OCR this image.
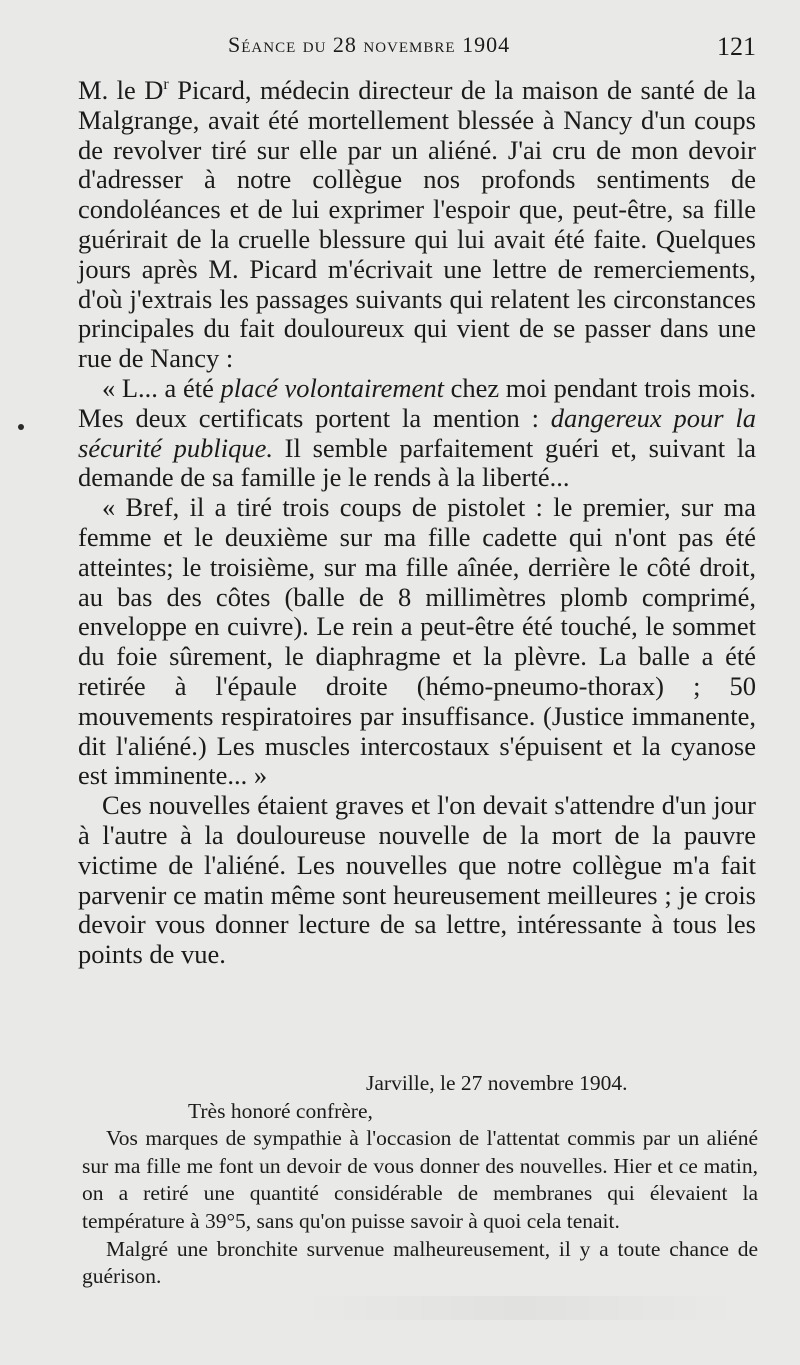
Séance du 28 novembre 1904	121

M. le $D^r$ Picard, médecin directeur de la maison de santé de la Malgrange, avait été mortellement blessée à Nancy d'un coups de revolver tiré sur elle par un aliéné. J'ai cru de mon devoir d'adresser à notre collègue nos profonds sentiments de condoléances et de lui exprimer l'espoir que, peut-être, sa fille guérirait de la cruelle blessure qui lui avait été faite. Quelques jours après M. Picard m'écrivait une lettre de remerciements, d'où j'extrais les passages suivants qui relatent les circonstances principales du fait douloureux qui vient de se passer dans une rue de Nancy :

« L... a été placé volontairement chez moi pendant trois mois. Mes deux certificats portent la mention : dangereux pour la sécurité publique. Il semble parfaitement guéri et, suivant la demande de sa famille je le rends à la liberté...

« Bref, il a tiré trois coups de pistolet : le premier, sur ma femme et le deuxième sur ma fille cadette qui n'ont pas été atteintes; le troisième, sur ma fille aînée, derrière le côté droit, au bas des côtes (balle de 8 millimètres plomb comprimé, enveloppe en cuivre). Le rein a peut-être été touché, le sommet du foie sûrement, le diaphragme et la plèvre. La balle a été retirée à l'épaule droite (hémo-pneumo-thorax) ; 50 mouvements respiratoires par insuffisance. (Justice immanente, dit l'aliéné.) Les muscles intercostaux s'épuisent et la cyanose est imminente... »

Ces nouvelles étaient graves et l'on devait s'attendre d'un jour à l'autre à la douloureuse nouvelle de la mort de la pauvre victime de l'aliéné. Les nouvelles que notre collègue m'a fait parvenir ce matin même sont heureusement meilleures ; je crois devoir vous donner lecture de sa lettre, intéressante à tous les points de vue.

Jarville, le 27 novembre 1904.

Très honoré confrère,

Vos marques de sympathie à l'occasion de l'attentat commis par un aliéné sur ma fille me font un devoir de vous donner des nouvelles. Hier et ce matin, on a retiré une quantité considérable de membranes qui élevaient la température à 39°5, sans qu'on puisse savoir à quoi cela tenait.

Malgré une bronchite survenue malheureusement, il y a toute chance de guérison.
